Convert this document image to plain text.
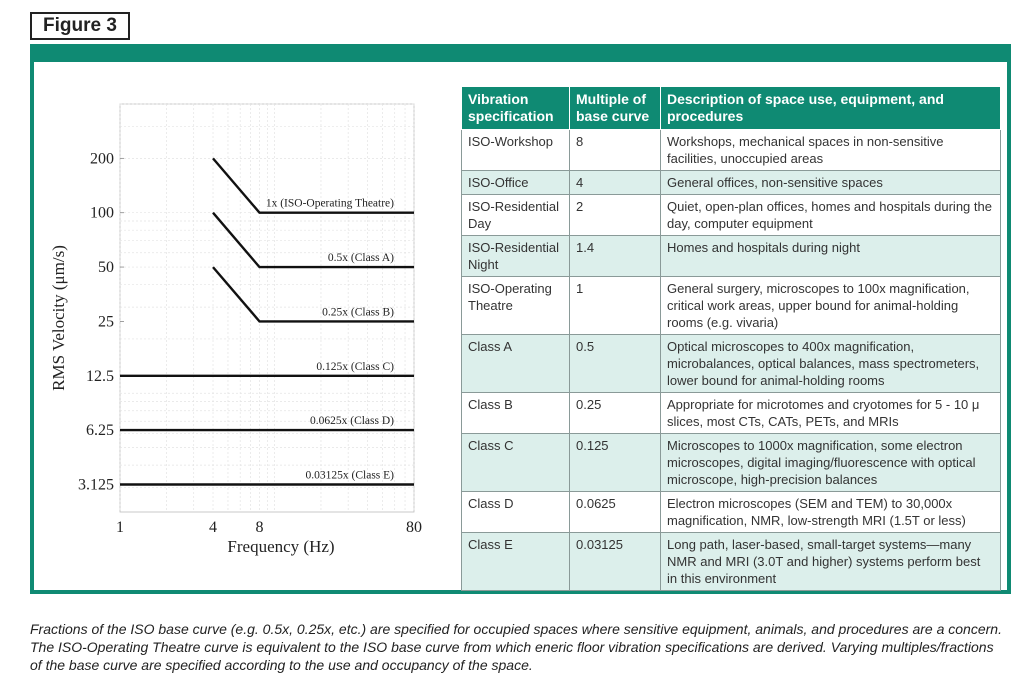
Figure 3
200
100
50
25
12.5
6.25
3.125
1	4 8	80
Frequency (Hz)
RMS Velocity (μm/s)
1x (ISO-Operating Theatre)
0.5x (Class A)
0.25x (Class B)
0.125x (Class C)
0.0625x (Class D)
0.03125x (Class E)
Vibration specification	Multiple of base curve	Description of space use, equipment, and procedures
ISO-Workshop	8	Workshops, mechanical spaces in non-sensitive facilities, unoccupied areas
ISO-Office	4	General offices, non-sensitive spaces
ISO-Residential Day	2	Quiet, open-plan offices, homes and hospitals during the day, computer equipment
ISO-Residential Night	1.4	Homes and hospitals during night
ISO-Operating Theatre	1	General surgery, microscopes to 100x magnification, critical work areas, upper bound for animal-holding rooms (e.g. vivaria)
Class A	0.5	Optical microscopes to 400x magnification, microbalances, optical balances, mass spectrometers, lower bound for animal-holding rooms
Class B	0.25	Appropriate for microtomes and cryotomes for 5 - 10 μ slices, most CTs, CATs, PETs, and MRIs
Class C	0.125	Microscopes to 1000x magnification, some electron microscopes, digital imaging/fluorescence with optical microscope, high-precision balances
Class D	0.0625	Electron microscopes (SEM and TEM) to 30,000x magnification, NMR, low-strength MRI (1.5T or less)
Class E	0.03125	Long path, laser-based, small-target systems—many NMR and MRI (3.0T and higher) systems perform best in this environment
Fractions of the ISO base curve (e.g. 0.5x, 0.25x, etc.) are specified for occupied spaces where sensitive equipment, animals, and procedures are a concern. The ISO-Operating Theatre curve is equivalent to the ISO base curve from which eneric floor vibration specifications are derived. Varying multiples/fractions of the base curve are specified according to the use and occupancy of the space.
